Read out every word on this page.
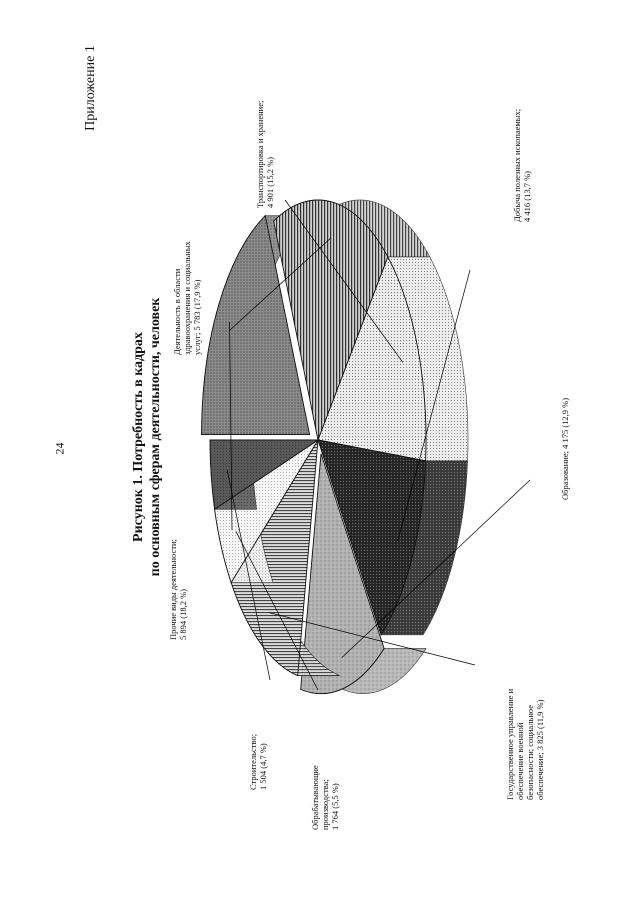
24
Приложение 1
Рисунок 1. Потребность в кадрах по основным сферам деятельности, человек
Прочие виды деятельности;
5 894 (18,2 %)
Деятельность в области
здравоохранения и социальных
услуг; 5 783 (17,9 %)
Транспортировка и хранение;
4 901 (15,2 %)
Добыча полезных ископаемых;
4 416 (13,7 %)
Образование; 4 175 (12,9 %)
Государственное управление и
обеспечение военной
безопасности; социальное
обеспечение; 3 825 (11,9 %)
Обрабатывающие
производства;
1 764 (5,5 %)
Строительство;
1 504 (4,7 %)
